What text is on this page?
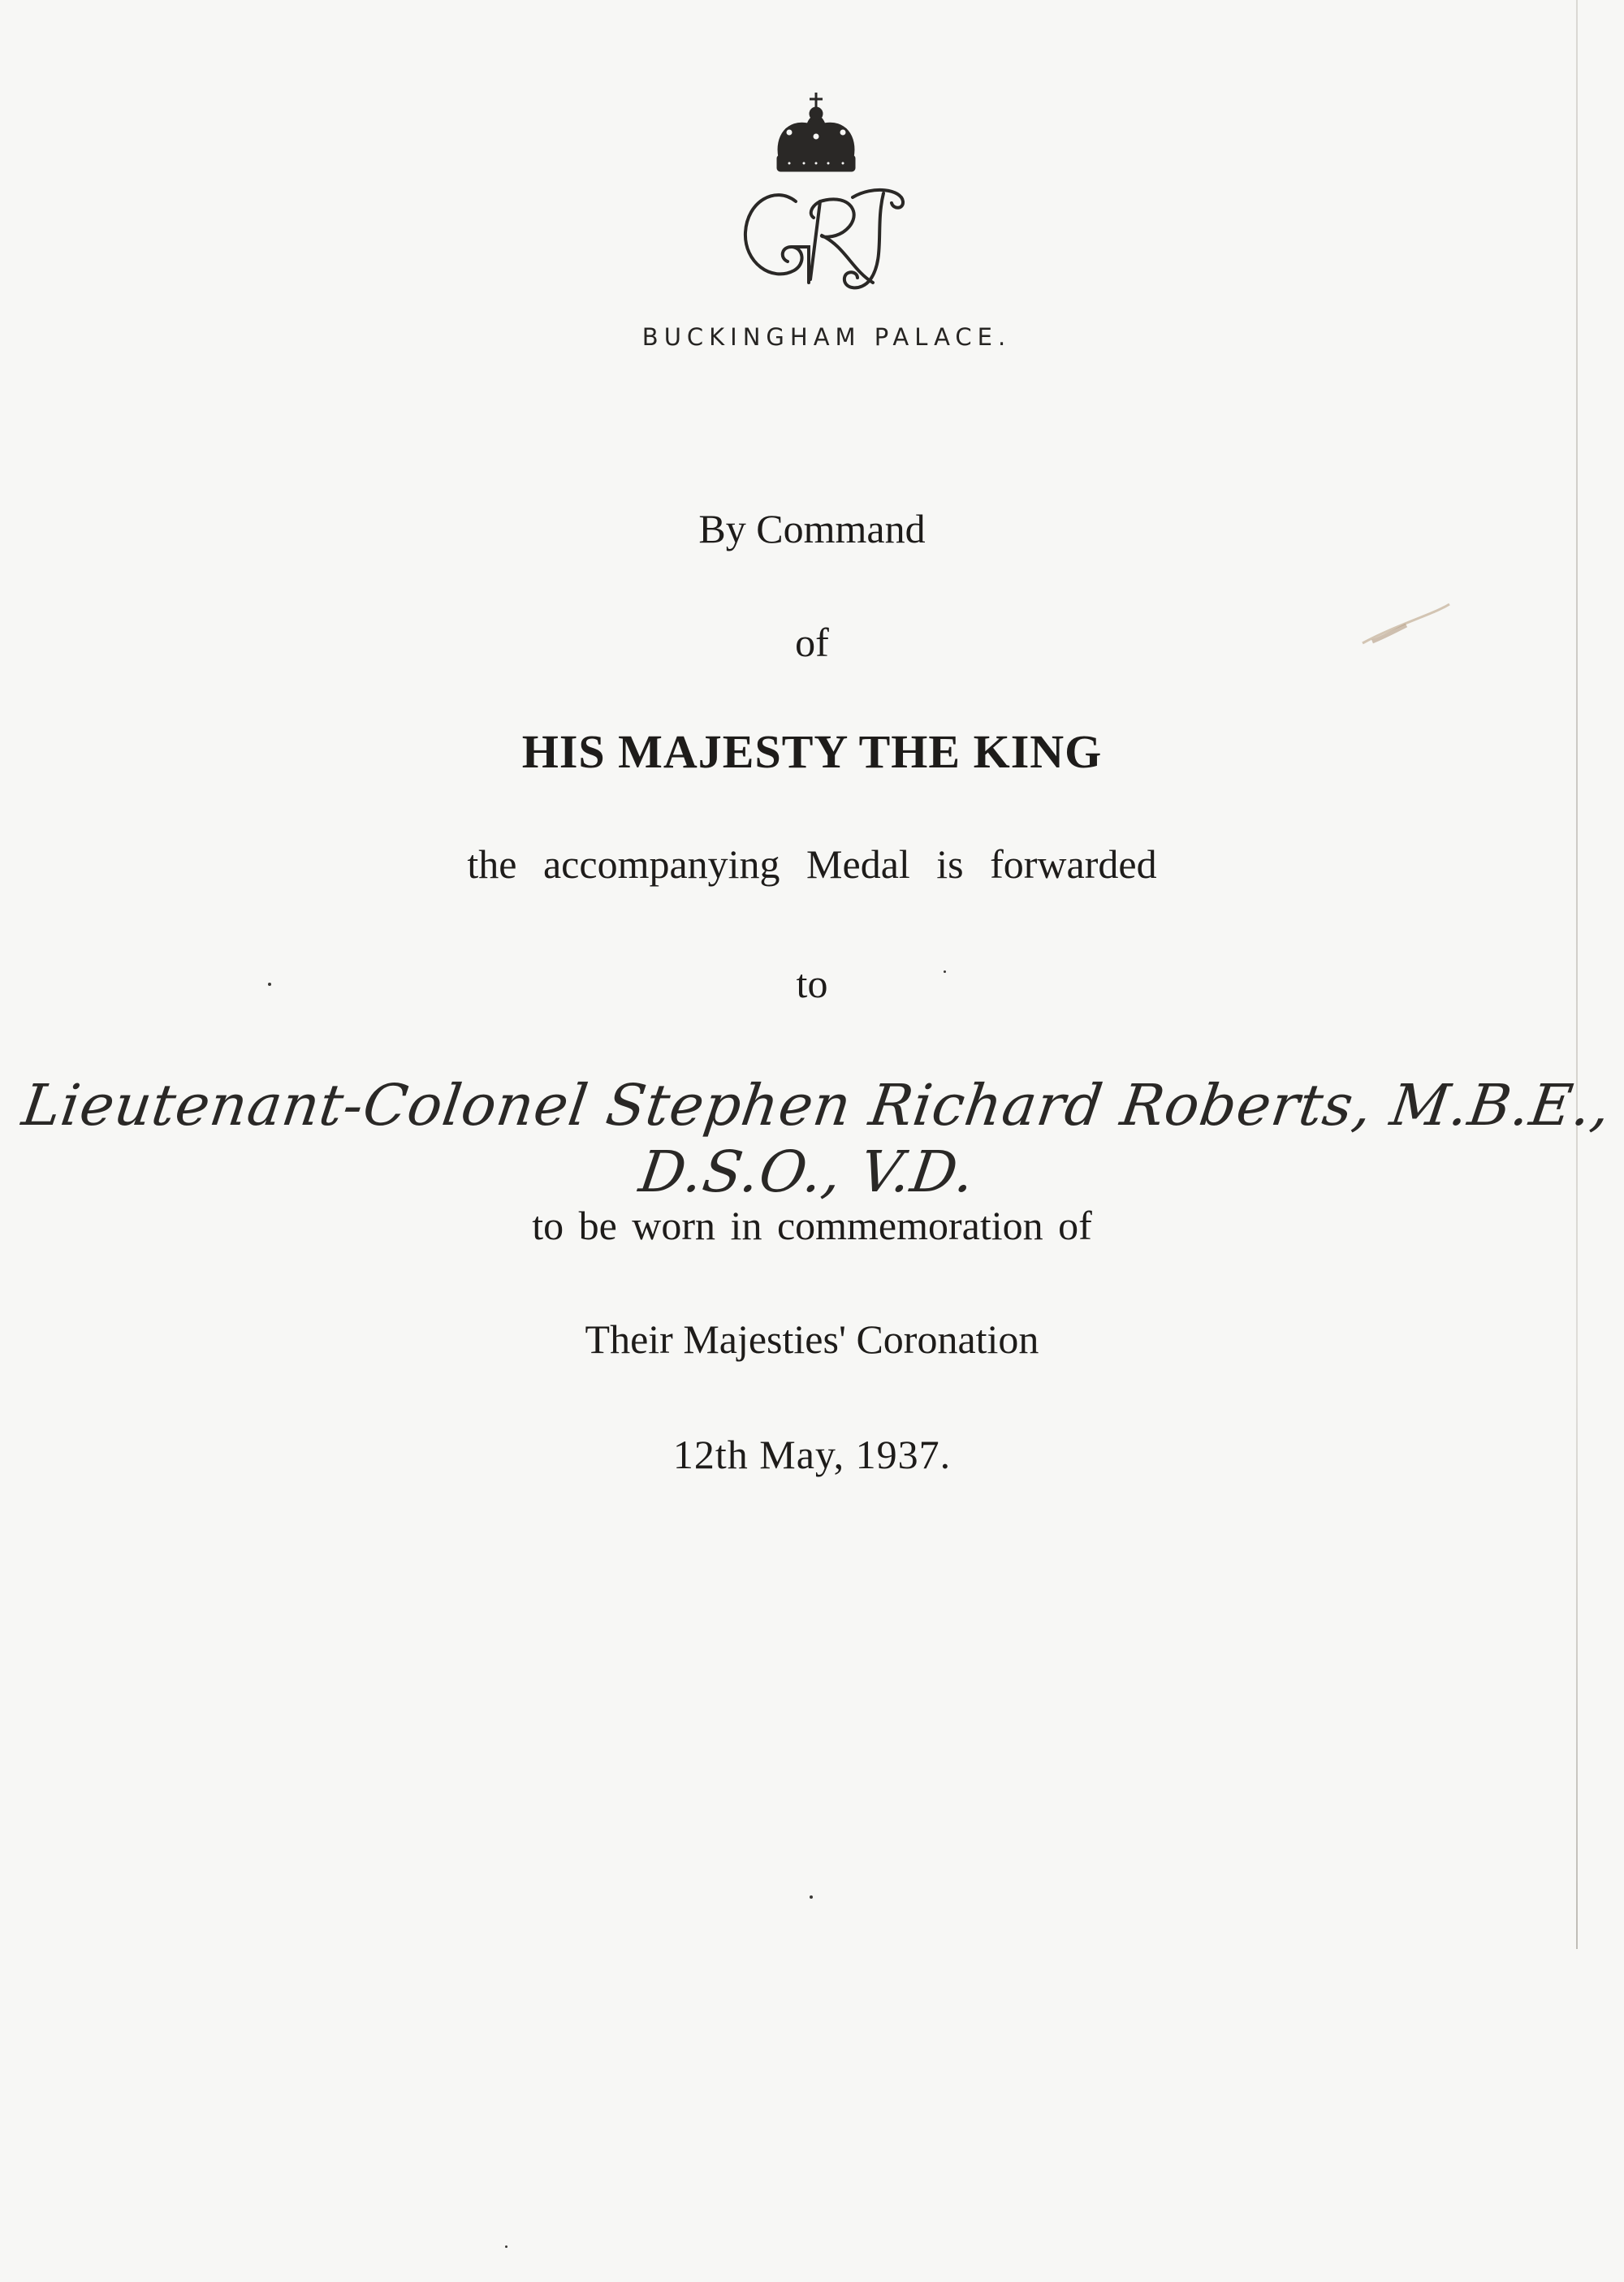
BUCKINGHAM PALACE.
By Command
of
HIS MAJESTY THE KING
the accompanying Medal is forwarded
to
Lieutenant-Colonel Stephen Richard Roberts, M.B.E., D.S.O., V.D.
to be worn in commemoration of
Their Majesties' Coronation
12th May, 1937.
